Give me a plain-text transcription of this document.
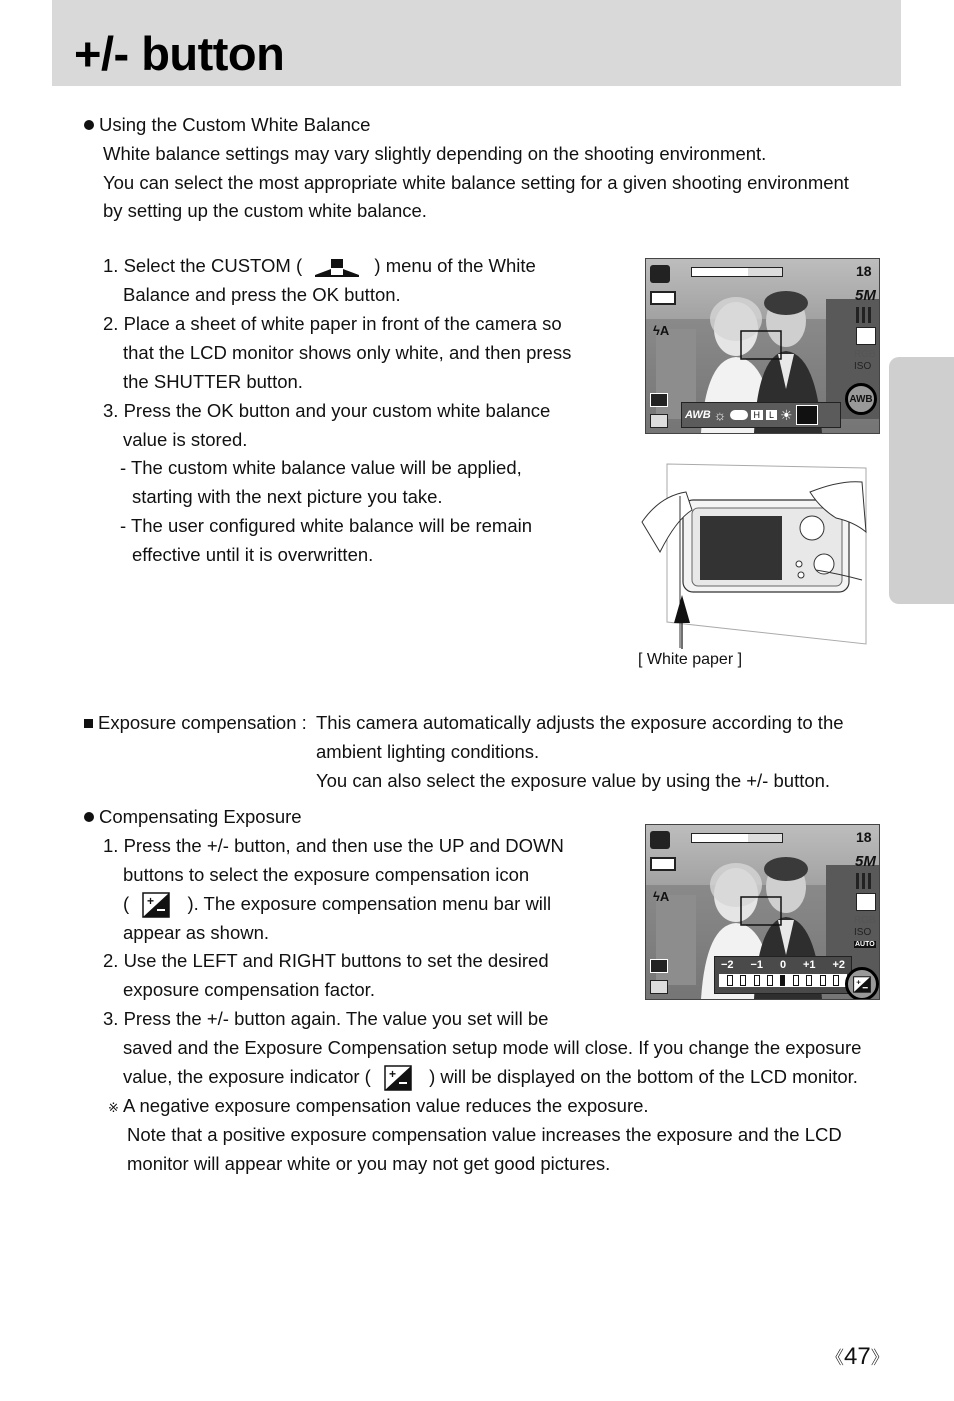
+/- button
Using the Custom White Balance
White balance settings may vary slightly depending on the shooting environment.
You can select the most appropriate white balance setting for a given shooting environment
by setting up the custom white balance.
1. Select the CUSTOM (	) menu of the White
Balance and press the OK button.
2. Place a sheet of white paper in front of the camera so
that the LCD monitor shows only white, and then press
the SHUTTER button.
3. Press the OK button and your custom white balance
value is stored.
- The custom white balance value will be applied,
starting with the next picture you take.
- The user configured white balance will be remain
effective until it is overwritten.
18
ϟA
5M
RGB
ISO
AWB ☼	H	L ☀
AWB
[ White paper ]
Exposure compensation : This camera automatically adjusts the exposure according to the
ambient lighting conditions.
You can also select the exposure value by using the +/- button.
Compensating Exposure
1. Press the +/- button, and then use the UP and DOWN
buttons to select the exposure compensation icon
( + ). The exposure compensation menu bar will
appear as shown.
2. Use the LEFT and RIGHT buttons to set the desired
exposure compensation factor.
3. Press the +/- button again. The value you set will be
saved and the Exposure Compensation setup mode will close. If you change the exposure
value, the exposure indicator ( + ) will be displayed on the bottom of the LCD monitor.
※ A negative exposure compensation value reduces the exposure.
Note that a positive exposure compensation value increases the exposure and the LCD
monitor will appear white or you may not get good pictures.
18
ϟA
5M
RGB
ISO
AUTO
−2 −1 0 +1 +2
+
《47》
